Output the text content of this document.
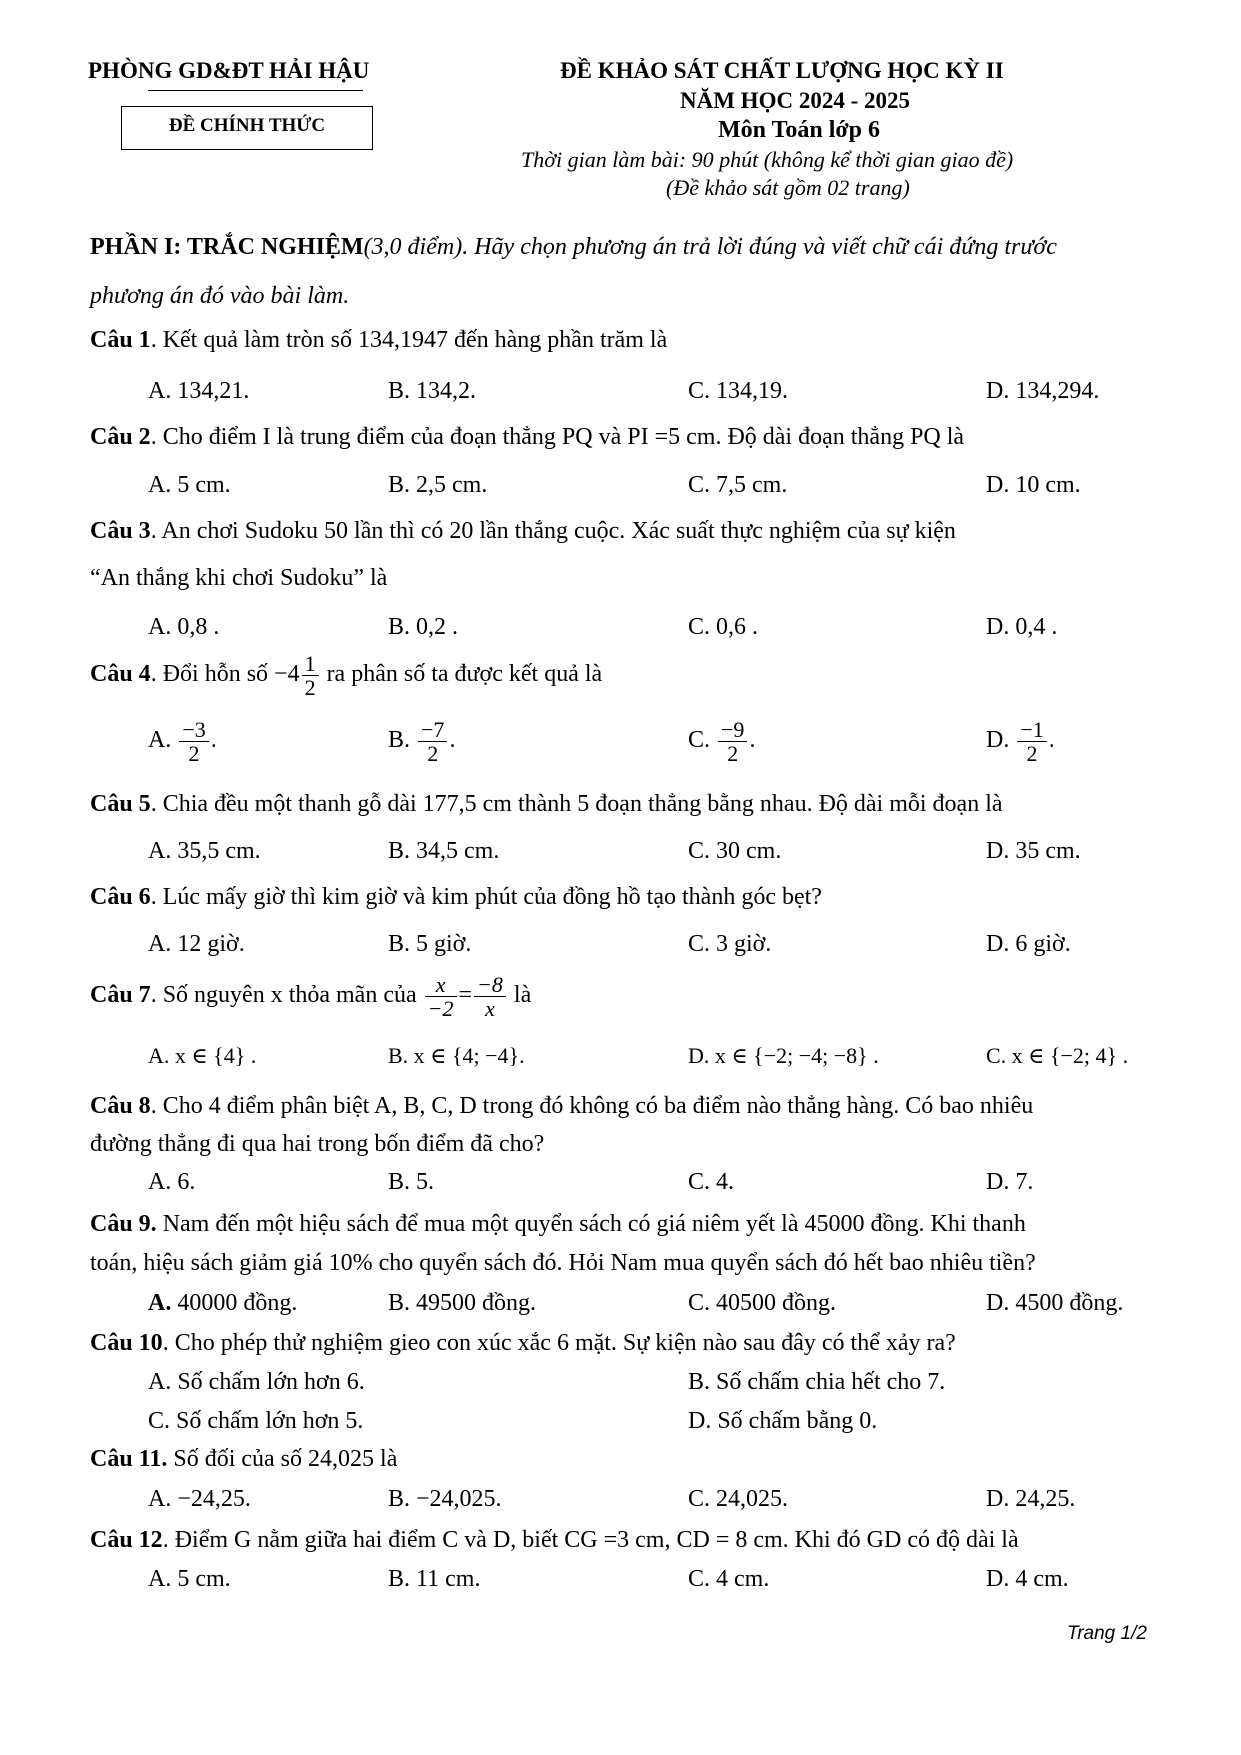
PHÒNG GD&ĐT HẢI HẬU
ĐỀ CHÍNH THỨC
ĐỀ KHẢO SÁT CHẤT LƯỢNG HỌC KỲ II
NĂM HỌC 2024 - 2025
Môn Toán lớp 6
Thời gian làm bài: 90 phút (không kể thời gian giao đề)
(Đề khảo sát gồm 02 trang)
PHẦN I: TRẮC NGHIỆM(3,0 điểm). Hãy chọn phương án trả lời đúng và viết chữ cái đứng trước
phương án đó vào bài làm.
Câu 1. Kết quả làm tròn số 134,1947 đến hàng phần trăm là
A. 134,21.	B. 134,2.	C. 134,19.	D. 134,294.
Câu 2. Cho điểm I là trung điểm của đoạn thẳng PQ và PI =5 cm. Độ dài đoạn thẳng PQ là
A. 5 cm.	B. 2,5 cm.	C. 7,5 cm.	D. 10 cm.
Câu 3. An chơi Sudoku 50 lần thì có 20 lần thắng cuộc. Xác suất thực nghiệm của sự kiện
“An thắng khi chơi Sudoku” là
A. 0,8 .	B. 0,2 .	C. 0,6 .	D. 0,4 .
Câu 4. Đổi hỗn số $-4 \frac{1}{2}$ ra phân số ta được kết quả là
A. $\frac{-3}{2}$ .	B. $\frac{-7}{2}$ .	C. $\frac{-9}{2}$ .	D. $\frac{-1}{2}$ .
Câu 5. Chia đều một thanh gỗ dài 177,5 cm thành 5 đoạn thẳng bằng nhau. Độ dài mỗi đoạn là
A. 35,5 cm.	B. 34,5 cm.	C. 30 cm.	D. 35 cm.
Câu 6. Lúc mấy giờ thì kim giờ và kim phút của đồng hồ tạo thành góc bẹt?
A. 12 giờ.	B. 5 giờ.	C. 3 giờ.	D. 6 giờ.
Câu 7. Số nguyên x thỏa mãn của $\frac{x}{-2} = \frac{-8}{x}$ là
A. x ∈ {4} .	B. x ∈ {4; −4}.	D. x ∈ {−2; −4; −8} .	C. x ∈ {−2; 4} .
Câu 8. Cho 4 điểm phân biệt A, B, C, D trong đó không có ba điểm nào thẳng hàng. Có bao nhiêu
đường thẳng đi qua hai trong bốn điểm đã cho?
A. 6.	B. 5.	C. 4.	D. 7.
Câu 9. Nam đến một hiệu sách để mua một quyển sách có giá niêm yết là 45000 đồng. Khi thanh
toán, hiệu sách giảm giá 10% cho quyển sách đó. Hỏi Nam mua quyển sách đó hết bao nhiêu tiền?
A. 40000 đồng.	B. 49500 đồng.	C. 40500 đồng.	D. 4500 đồng.
Câu 10. Cho phép thử nghiệm gieo con xúc xắc 6 mặt. Sự kiện nào sau đây có thể xảy ra?
A. Số chấm lớn hơn 6.	B. Số chấm chia hết cho 7.
C. Số chấm lớn hơn 5.	D. Số chấm bằng 0.
Câu 11. Số đối của số 24,025 là
A. −24,25.	B. −24,025.	C. 24,025.	D. 24,25.
Câu 12. Điểm G nằm giữa hai điểm C và D, biết CG =3 cm, CD = 8 cm. Khi đó GD có độ dài là
A. 5 cm.	B. 11 cm.	C. 4 cm.	D. 4 cm.
Trang 1/2
